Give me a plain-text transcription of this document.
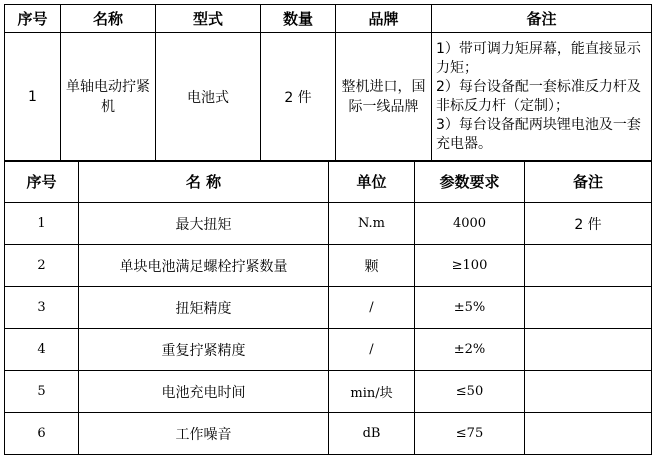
序号	名称	型式	数量	品牌	备注
1	单轴电动拧紧机	电池式	2 件	整机进口，国际一线品牌	1）带可调力矩屏幕，能直接显示力矩；
2）每台设备配一套标准反力杆及非标反力杆（定制）；
3）每台设备配两块锂电池及一套充电器。
序号	名 称	单位	参数要求	备注
1	最大扭矩	N.m	4000	2 件
2	单块电池满足螺栓拧紧数量	颗	≥100	
3	扭矩精度	/	±5%	
4	重复拧紧精度	/	±2%	
5	电池充电时间	min/块	≤50	
6	工作噪音	dB	≤75	
